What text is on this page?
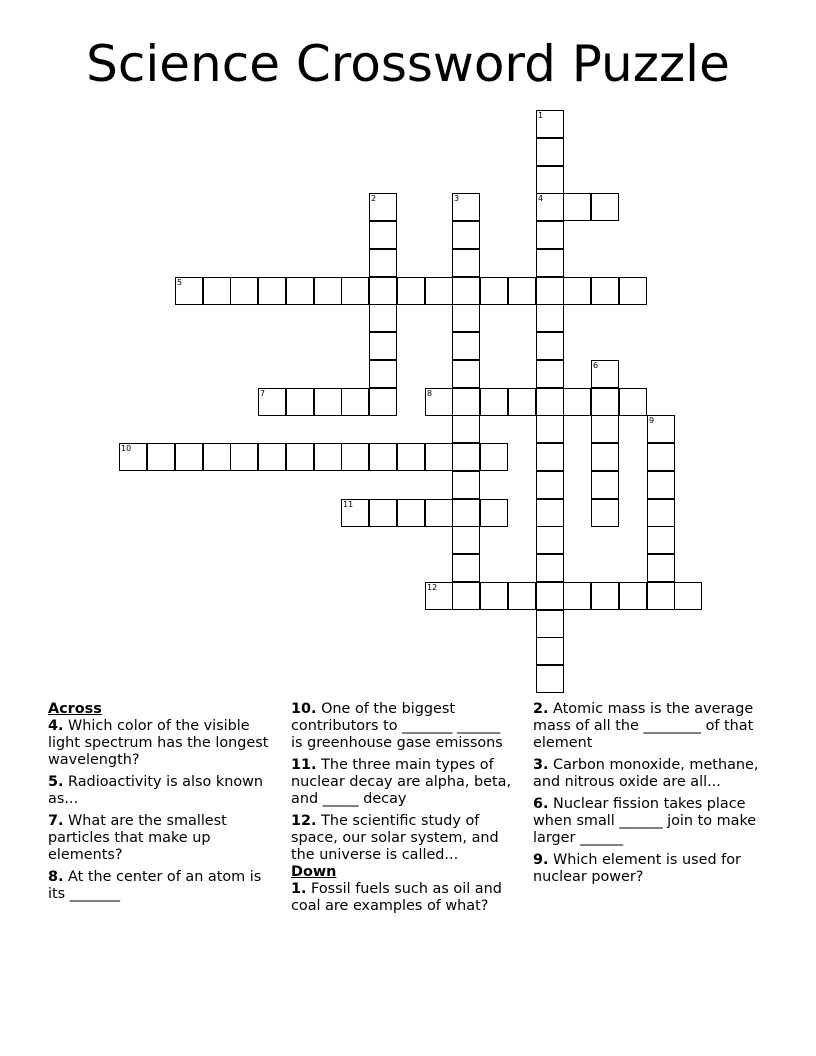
Science Crossword Puzzle
1
4
2	3
5
6
7	8
9
10
11
12
Across
4. Which color of the visible light spectrum has the longest wavelength?
5. Radioactivity is also known as...
7. What are the smallest particles that make up elements?
8. At the center of an atom is its _______
10. One of the biggest contributors to _______ ______ is greenhouse gase emissons
11. The three main types of nuclear decay are alpha, beta, and _____ decay
12. The scientific study of space, our solar system, and the universe is called...
Down
1. Fossil fuels such as oil and coal are examples of what?
2. Atomic mass is the average mass of all the ________ of that element
3. Carbon monoxide, methane, and nitrous oxide are all...
6. Nuclear fission takes place when small ______ join to make larger ______
9. Which element is used for nuclear power?
